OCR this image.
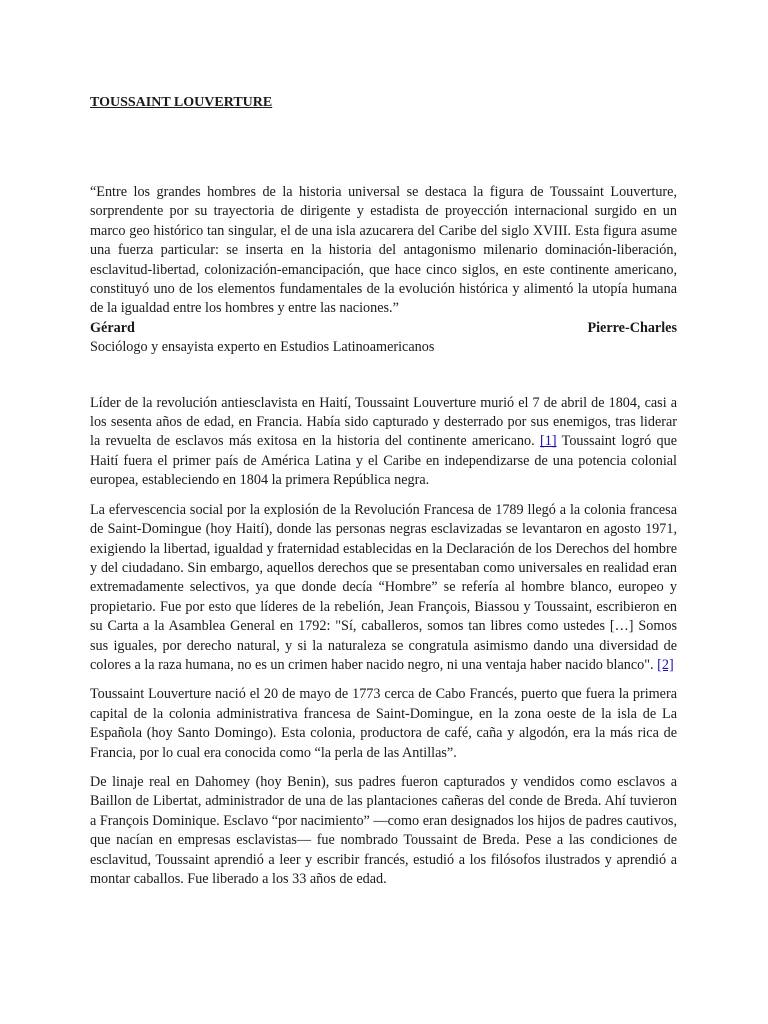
TOUSSAINT LOUVERTURE

“Entre los grandes hombres de la historia universal se destaca la figura de Toussaint Louverture, sorprendente por su trayectoria de dirigente y estadista de proyección internacional surgido en un marco geo histórico tan singular, el de una isla azucarera del Caribe del siglo XVIII. Esta figura asume una fuerza particular: se inserta en la historia del antagonismo milenario dominación-liberación, esclavitud-libertad, colonización-emancipación, que hace cinco siglos, en este continente americano, constituyó uno de los elementos fundamentales de la evolución histórica y alimentó la utopía humana de la igualdad entre los hombres y entre las naciones.”

Gérard	Pierre-Charles

Sociólogo y ensayista experto en Estudios Latinoamericanos

Líder de la revolución antiesclavista en Haití, Toussaint Louverture murió el 7 de abril de 1804, casi a los sesenta años de edad, en Francia. Había sido capturado y desterrado por sus enemigos, tras liderar la revuelta de esclavos más exitosa en la historia del continente americano. [1] Toussaint logró que Haití fuera el primer país de América Latina y el Caribe en independizarse de una potencia colonial europea, estableciendo en 1804 la primera República negra.

La efervescencia social por la explosión de la Revolución Francesa de 1789 llegó a la colonia francesa de Saint-Domingue (hoy Haití), donde las personas negras esclavizadas se levantaron en agosto 1971, exigiendo la libertad, igualdad y fraternidad establecidas en la Declaración de los Derechos del hombre y del ciudadano. Sin embargo, aquellos derechos que se presentaban como universales en realidad eran extremadamente selectivos, ya que donde decía “Hombre” se refería al hombre blanco, europeo y propietario. Fue por esto que líderes de la rebelión, Jean François, Biassou y Toussaint, escribieron en su Carta a la Asamblea General en 1792: "Sí, caballeros, somos tan libres como ustedes […] Somos sus iguales, por derecho natural, y si la naturaleza se congratula asimismo dando una diversidad de colores a la raza humana, no es un crimen haber nacido negro, ni una ventaja haber nacido blanco". [2]

Toussaint Louverture nació el 20 de mayo de 1773 cerca de Cabo Francés, puerto que fuera la primera capital de la colonia administrativa francesa de Saint-Domingue, en la zona oeste de la isla de La Española (hoy Santo Domingo). Esta colonia, productora de café, caña y algodón, era la más rica de Francia, por lo cual era conocida como “la perla de las Antillas”.

De linaje real en Dahomey (hoy Benin), sus padres fueron capturados y vendidos como esclavos a Baillon de Libertat, administrador de una de las plantaciones cañeras del conde de Breda. Ahí tuvieron a François Dominique. Esclavo “por nacimiento” —como eran designados los hijos de padres cautivos, que nacían en empresas esclavistas— fue nombrado Toussaint de Breda. Pese a las condiciones de esclavitud, Toussaint aprendió a leer y escribir francés, estudió a los filósofos ilustrados y aprendió a montar caballos. Fue liberado a los 33 años de edad.
